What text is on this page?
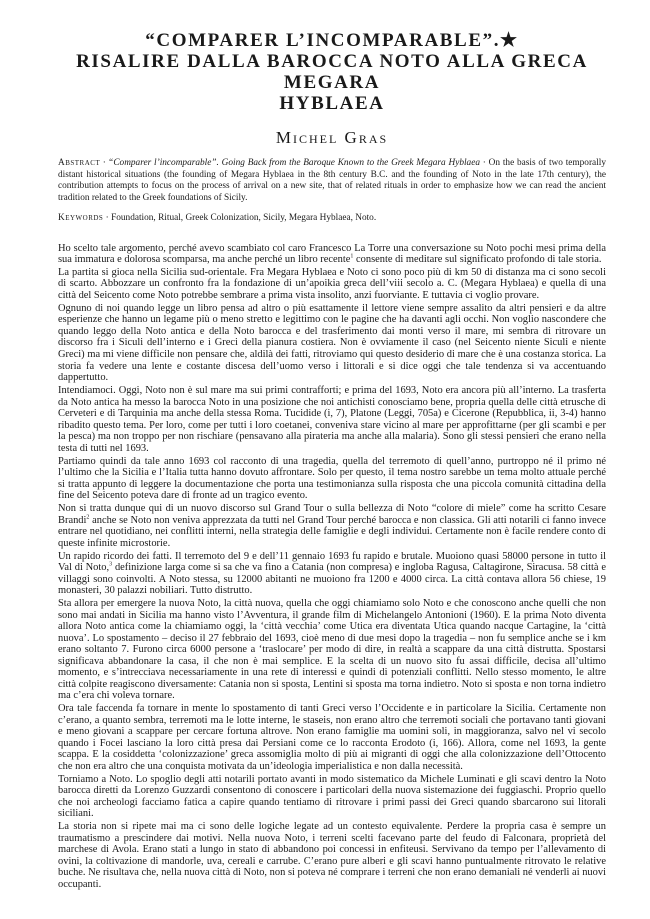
“COMPARER L’INCOMPARABLE”.★
RISALIRE DALLA BAROCCA NOTO ALLA GRECA MEGARA
HYBLAEA
Michel Gras

Abstract · “Comparer l’incomparable”. Going Back from the Baroque Known to the Greek Megara Hyblaea · On the basis of two temporally distant historical situations (the founding of Megara Hyblaea in the 8th century B.C. and the founding of Noto in the late 17th century), the contribution attempts to focus on the process of arrival on a new site, that of related rituals in order to emphasize how we can read the ancient tradition related to the Greek foundations of Sicily.

Keywords · Foundation, Ritual, Greek Colonization, Sicily, Megara Hyblaea, Noto.

Ho scelto tale argomento, perché avevo scambiato col caro Francesco La Torre una conversazione su Noto pochi mesi prima della sua immatura e dolorosa scomparsa, ma anche perché un libro recente$^1$ consente di meditare sul significato profondo di tale storia.

La partita si gioca nella Sicilia sud-orientale. Fra Megara Hyblaea e Noto ci sono poco più di km 50 di distanza ma ci sono secoli di scarto. Abbozzare un confronto fra la fondazione di un’apoikia greca dell’viii secolo a. C. (Megara Hyblaea) e quella di una città del Seicento come Noto potrebbe sembrare a prima vista insolito, anzi fuorviante. E tuttavia ci voglio provare.

Ognuno di noi quando legge un libro pensa ad altro o più esattamente il lettore viene sempre assalito da altri pensieri e da altre esperienze che hanno un legame più o meno stretto e legittimo con le pagine che ha davanti agli occhi. Non voglio nascondere che quando leggo della Noto antica e della Noto barocca e del trasferimento dai monti verso il mare, mi sembra di ritrovare un discorso fra i Siculi dell’interno e i Greci della pianura costiera. Non è ovviamente il caso (nel Seicento niente Siculi e niente Greci) ma mi viene difficile non pensare che, aldilà dei fatti, ritroviamo qui questo desiderio di mare che è una costanza storica. La storia fa vedere una lente e costante discesa dell’uomo verso i littorali e si dice oggi che tale tendenza si va accentuando dappertutto.

Intendiamoci. Oggi, Noto non è sul mare ma sui primi contrafforti; e prima del 1693, Noto era ancora più all’interno. La trasferta da Noto antica ha messo la barocca Noto in una posizione che noi antichisti conosciamo bene, propria quella delle città etrusche di Cerveteri e di Tarquinia ma anche della stessa Roma. Tucidide (i, 7), Platone (Leggi, 705a) e Cicerone (Repubblica, ii, 3-4) hanno ribadito questo tema. Per loro, come per tutti i loro coetanei, conveniva stare vicino al mare per approfittarne (per gli scambi e per la pesca) ma non troppo per non rischiare (pensavano alla pirateria ma anche alla malaria). Sono gli stessi pensieri che erano nella testa di tutti nel 1693.

Partiamo quindi da tale anno 1693 col racconto di una tragedia, quella del terremoto di quell’anno, purtroppo né il primo né l’ultimo che la Sicilia e l’Italia tutta hanno dovuto affrontare. Solo per questo, il tema nostro sarebbe un tema molto attuale perché si tratta appunto di leggere la documentazione che porta una testimonianza sulla risposta che una piccola comunità cittadina della fine del Seicento poteva dare di fronte ad un tragico evento.

Non si tratta dunque qui di un nuovo discorso sul Grand Tour o sulla bellezza di Noto “colore di miele” come ha scritto Cesare Brandi$^2$ anche se Noto non veniva apprezzata da tutti nel Grand Tour perché barocca e non classica. Gli atti notarili ci fanno invece entrare nel quotidiano, nei conflitti interni, nella strategia delle famiglie e degli individui. Certamente non è facile rendere conto di queste infinite microstorie.

Un rapido ricordo dei fatti. Il terremoto del 9 e dell’11 gennaio 1693 fu rapido e brutale. Muoiono quasi 58000 persone in tutto il Val di Noto,$^3$ definizione larga come si sa che va fino a Catania (non compresa) e ingloba Ragusa, Caltagirone, Siracusa. 58 città e villaggi sono coinvolti. A Noto stessa, su 12000 abitanti ne muoiono fra 1200 e 4000 circa. La città contava allora 56 chiese, 19 monasteri, 30 palazzi nobiliari. Tutto distrutto.

Sta allora per emergere la nuova Noto, la città nuova, quella che oggi chiamiamo solo Noto e che conoscono anche quelli che non sono mai andati in Sicilia ma hanno visto l’Avventura, il grande film di Michelangelo Antonioni (1960). E la prima Noto diventa allora Noto antica come la chiamiamo oggi, la ‘città vecchia’ come Utica era diventata Utica quando nacque Cartagine, la ‘città nuova’. Lo spostamento – deciso il 27 febbraio del 1693, cioè meno di due mesi dopo la tragedia – non fu semplice anche se i km erano soltanto 7. Furono circa 6000 persone a ‘traslocare’ per modo di dire, in realtà a scappare da una città distrutta. Spostarsi significava abbandonare la casa, il che non è mai semplice. E la scelta di un nuovo sito fu assai difficile, decisa all’ultimo momento, e s’intrecciava necessariamente in una rete di interessi e quindi di potenziali conflitti. Nello stesso momento, le altre città colpite reagiscono diversamente: Catania non si sposta, Lentini si sposta ma torna indietro. Noto si sposta e non torna indietro ma c’era chi voleva tornare.

Ora tale faccenda fa tornare in mente lo spostamento di tanti Greci verso l’Occidente e in particolare la Sicilia. Certamente non c’erano, a quanto sembra, terremoti ma le lotte interne, le staseis, non erano altro che terremoti sociali che portavano tanti giovani e meno giovani a scappare per cercare fortuna altrove. Non erano famiglie ma uomini soli, in maggioranza, salvo nel vi secolo quando i Focei lasciano la loro città presa dai Persiani come ce lo racconta Erodoto (i, 166). Allora, come nel 1693, la gente scappa. E la cosiddetta ‘colonizzazione’ greca assomiglia molto di più ai migranti di oggi che alla colonizzazione dell’Ottocento che non era altro che una conquista motivata da un’ideologia imperialistica e non dalla necessità.

Torniamo a Noto. Lo spoglio degli atti notarili portato avanti in modo sistematico da Michele Luminati e gli scavi dentro la Noto barocca diretti da Lorenzo Guzzardi consentono di conoscere i particolari della nuova sistemazione dei fuggiaschi. Proprio quello che noi archeologi facciamo fatica a capire quando tentiamo di ritrovare i primi passi dei Greci quando sbarcarono sui litorali siciliani.

La storia non si ripete mai ma ci sono delle logiche legate ad un contesto equivalente. Perdere la propria casa è sempre un traumatismo a prescindere dai motivi. Nella nuova Noto, i terreni scelti facevano parte del feudo di Falconara, proprietà del marchese di Avola. Erano stati a lungo in stato di abbandono poi concessi in enfiteusi. Servivano da tempo per l’allevamento di ovini, la coltivazione di mandorle, uva, cereali e carrube. C’erano pure alberi e gli scavi hanno puntualmente ritrovato le relative buche. Ne risultava che, nella nuova città di Noto, non si poteva né comprare i terreni che non erano demaniali né venderli ai nuovi occupanti.
